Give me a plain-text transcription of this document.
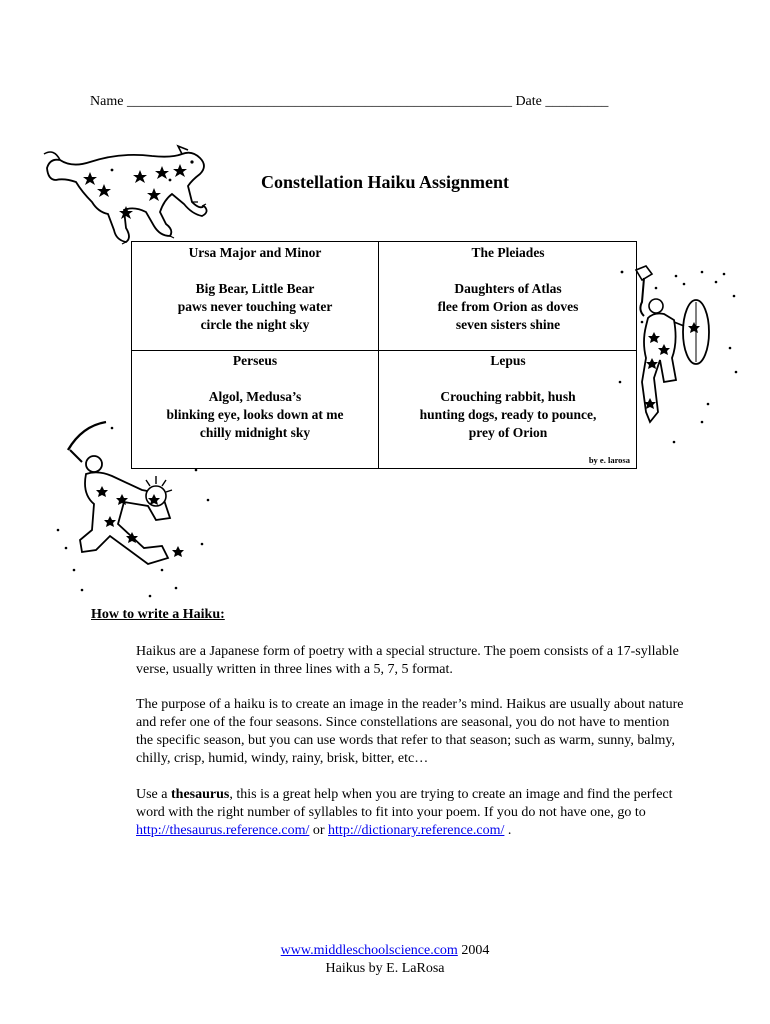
Name _______________________________________________________ Date _________
Constellation Haiku Assignment
Ursa Major and Minor
Big Bear, Little Bear
paws never touching water
circle the night sky
The Pleiades
Daughters of Atlas
flee from Orion as doves
seven sisters shine
Perseus
Algol, Medusa’s
blinking eye, looks down at me
chilly midnight sky
Lepus
Crouching rabbit, hush
hunting dogs, ready to pounce,
prey of Orion
by e. larosa
How to write a Haiku:
Haikus are a Japanese form of poetry with a special structure. The poem consists of a 17-syllable verse, usually written in three lines with a 5, 7, 5 format.
The purpose of a haiku is to create an image in the reader’s mind. Haikus are usually about nature and refer one of the four seasons. Since constellations are seasonal, you do not have to mention the specific season, but you can use words that refer to that season; such as warm, sunny, balmy, chilly, crisp, humid, windy, rainy, brisk, bitter, etc…
Use a thesaurus, this is a great help when you are trying to create an image and find the perfect word with the right number of syllables to fit into your poem. If you do not have one, go to http://thesaurus.reference.com/ or http://dictionary.reference.com/ .
www.middleschoolscience.com 2004
Haikus by E. LaRosa
